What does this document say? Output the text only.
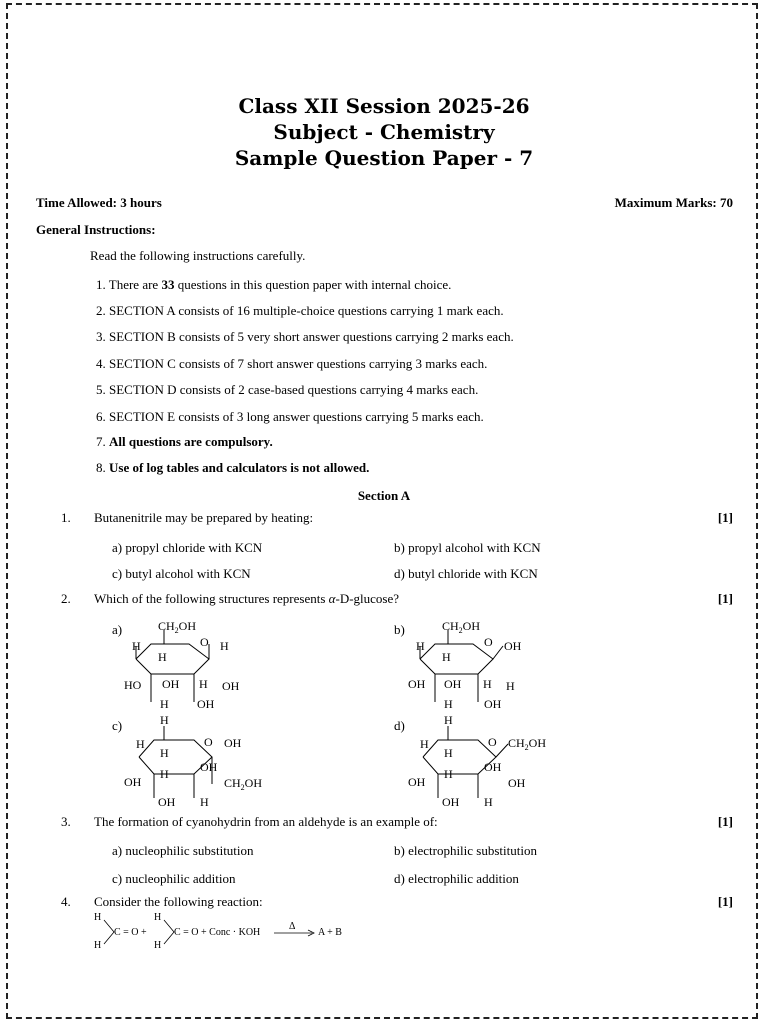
Class XII Session 2025-26
Subject - Chemistry
Sample Question Paper - 7
Time Allowed: 3 hours	Maximum Marks: 70
General Instructions:
Read the following instructions carefully.
1. There are 33 questions in this question paper with internal choice.
2. SECTION A consists of 16 multiple-choice questions carrying 1 mark each.
3. SECTION B consists of 5 very short answer questions carrying 2 marks each.
4. SECTION C consists of 7 short answer questions carrying 3 marks each.
5. SECTION D consists of 2 case-based questions carrying 4 marks each.
6. SECTION E consists of 3 long answer questions carrying 5 marks each.
7. All questions are compulsory.
8. Use of log tables and calculators is not allowed.
Section A
1. Butanenitrile may be prepared by heating:	[1]
a) propyl chloride with KCN	b) propyl alcohol with KCN
c) butyl alcohol with KCN	d) butyl chloride with KCN
2. Which of the following structures represents α-D-glucose?	[1]
a)	b)
c)	d)
$CH_2OH$
O
H
H
H
HO OH H OH
H OH
$CH_2OH$
O
H
H
OH
OH OH H H
H	OH
H
H
H
O OH
OH
OH
H
$CH_2OH$
OH H
H
H
H
O $CH_2OH$
OH
OH
H
OH
OH H
3. The formation of cyanohydrin from an aldehyde is an example of:	[1]
a) nucleophilic substitution	b) electrophilic substitution
c) nucleophilic addition	d) electrophilic addition
4. Consider the following reaction:	[1]
H
H
C = O +
H
H
C = O + Conc · KOH
Δ
A + B
